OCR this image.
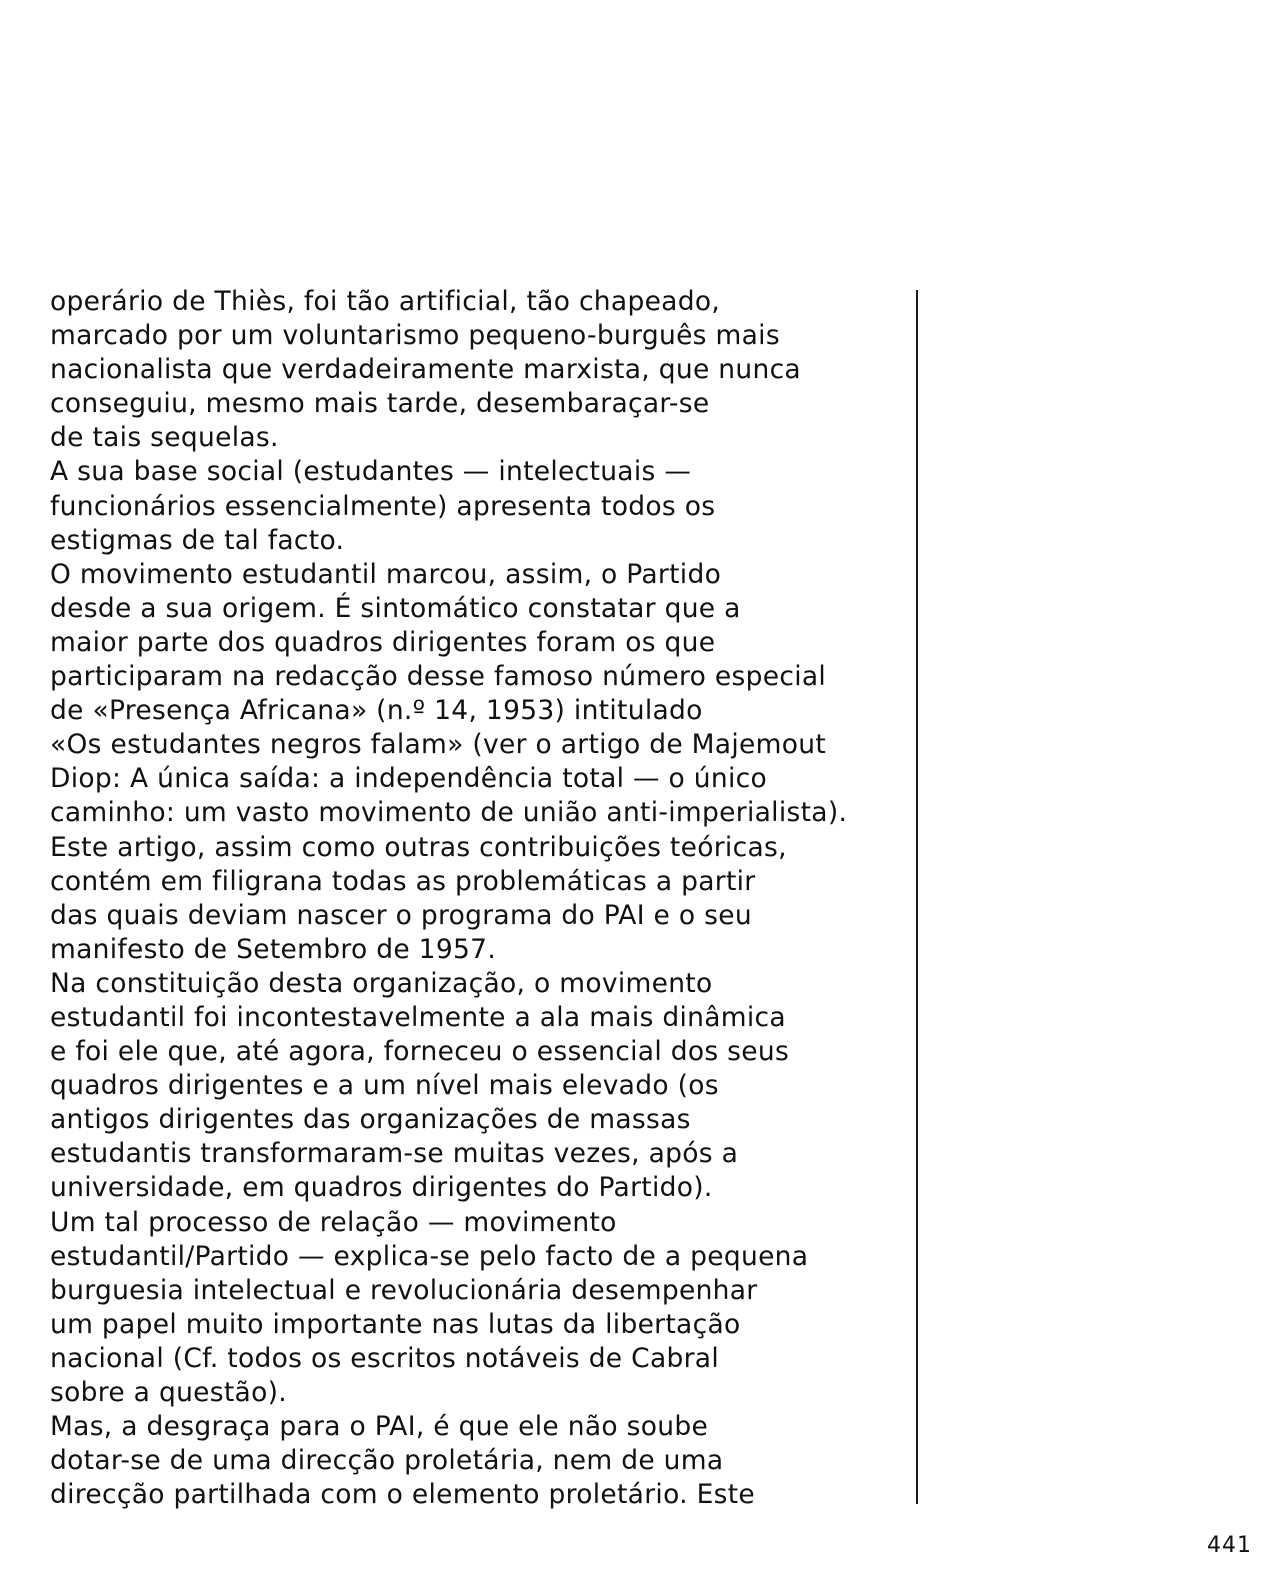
operário de Thiès, foi tão artificial, tão chapeado,
marcado por um voluntarismo pequeno-burguês mais
nacionalista que verdadeiramente marxista, que nunca
conseguiu, mesmo mais tarde, desembaraçar-se
de tais sequelas.
A sua base social (estudantes — intelectuais —
funcionários essencialmente) apresenta todos os
estigmas de tal facto.
O movimento estudantil marcou, assim, o Partido
desde a sua origem. É sintomático constatar que a
maior parte dos quadros dirigentes foram os que
participaram na redacção desse famoso número especial
de «Presença Africana» (n.º 14, 1953) intitulado
«Os estudantes negros falam» (ver o artigo de Majemout
Diop: A única saída: a independência total — o único
caminho: um vasto movimento de união anti-imperialista).
Este artigo, assim como outras contribuições teóricas,
contém em filigrana todas as problemáticas a partir
das quais deviam nascer o programa do PAI e o seu
manifesto de Setembro de 1957.
Na constituição desta organização, o movimento
estudantil foi incontestavelmente a ala mais dinâmica
e foi ele que, até agora, forneceu o essencial dos seus
quadros dirigentes e a um nível mais elevado (os
antigos dirigentes das organizações de massas
estudantis transformaram-se muitas vezes, após a
universidade, em quadros dirigentes do Partido).
Um tal processo de relação — movimento
estudantil/Partido — explica-se pelo facto de a pequena
burguesia intelectual e revolucionária desempenhar
um papel muito importante nas lutas da libertação
nacional (Cf. todos os escritos notáveis de Cabral
sobre a questão).
Mas, a desgraça para o PAI, é que ele não soube
dotar-se de uma direcção proletária, nem de uma
direcção partilhada com o elemento proletário. Este
441
